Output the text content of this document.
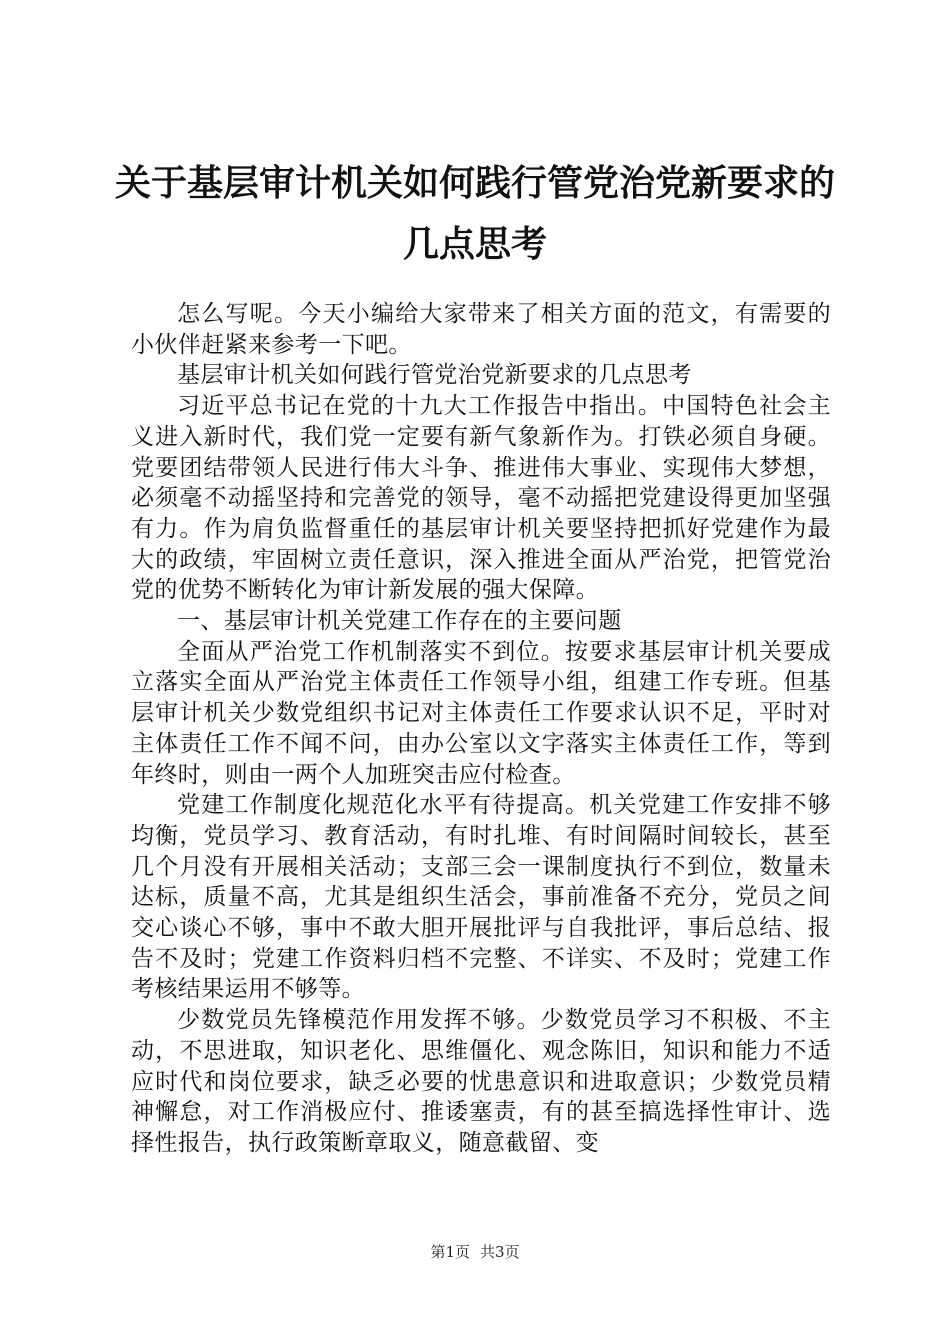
关于基层审计机关如何践行管党治党新要求的
几点思考

怎么写呢。今天小编给大家带来了相关方面的范文，有需要的小伙伴赶紧来参考一下吧。

基层审计机关如何践行管党治党新要求的几点思考

习近平总书记在党的十九大工作报告中指出。中国特色社会主义进入新时代，我们党一定要有新气象新作为。打铁必须自身硬。党要团结带领人民进行伟大斗争、推进伟大事业、实现伟大梦想，必须毫不动摇坚持和完善党的领导，毫不动摇把党建设得更加坚强有力。作为肩负监督重任的基层审计机关要坚持把抓好党建作为最大的政绩，牢固树立责任意识，深入推进全面从严治党，把管党治党的优势不断转化为审计新发展的强大保障。

一、基层审计机关党建工作存在的主要问题

全面从严治党工作机制落实不到位。按要求基层审计机关要成立落实全面从严治党主体责任工作领导小组，组建工作专班。但基层审计机关少数党组织书记对主体责任工作要求认识不足，平时对主体责任工作不闻不问，由办公室以文字落实主体责任工作，等到年终时，则由一两个人加班突击应付检查。

党建工作制度化规范化水平有待提高。机关党建工作安排不够均衡，党员学习、教育活动，有时扎堆、有时间隔时间较长，甚至几个月没有开展相关活动；支部三会一课制度执行不到位，数量未达标，质量不高，尤其是组织生活会，事前准备不充分，党员之间交心谈心不够，事中不敢大胆开展批评与自我批评，事后总结、报告不及时；党建工作资料归档不完整、不详实、不及时；党建工作考核结果运用不够等。

少数党员先锋模范作用发挥不够。少数党员学习不积极、不主动，不思进取，知识老化、思维僵化、观念陈旧，知识和能力不适应时代和岗位要求，缺乏必要的忧患意识和进取意识；少数党员精神懈怠，对工作消极应付、推诿塞责，有的甚至搞选择性审计、选择性报告，执行政策断章取义，随意截留、变

第1页 共3页
